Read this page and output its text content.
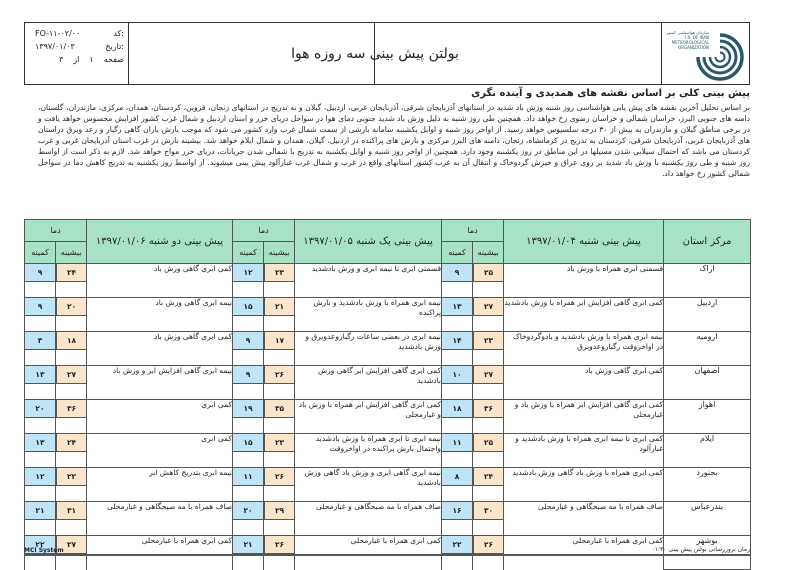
FO-۱۱-۰۲/۰۰	کد:
۱۳۹۷/۰۱/۰۳	تاریخ:
۳ از ۱ صفحه	بولتن پیش بینی سه روزه هوا
سازمان هواشناسی کشور
I.R. OF IRAN METEOROLOGICAL ORGANIZATION
پیش بینی کلی بر اساس نقشه های همدیدی و آینده نگری
بر اساس تحلیل آخرین نقشه های پیش یابی هواشناسی روز شنبه وزش باد شدید در استانهای آذربایجان شرقی، آذربایجان غربی، اردبیل، گیلان و به تدریج در استانهای زنجان، قزوین، کردستان، همدان، مرکزی، مازندران، گلستان، دامنه های جنوبی البرز، خراسان شمالی و خراسان رضوی رخ خواهد داد. همچنین طی روز شنبه به دلیل وزش باد شدید جنوبی دمای هوا در سواحل دریای خزر و استان اردبیل و شمال غرب کشور افزایش محسوس خواهد یافت و در برخی مناطق گیلان و مازندران به بیش از ۳۰ درجه سلسیوس خواهد رسید. از اواخر روز شنبه و اوایل یکشنبه سامانه بارشی از سمت شمال غرب وارد کشور می شود که موجب بارش باران گاهی رگبار و رعد وبرق دراستان های آذربایجان غربی، آذربایجان شرقی، کردستان به تدریج در کرمانشاه، زنجان، دامنه های البرز مرکزی و بارش های پراکنده در اردبیل، گیلان، همدان و شمال ایلام خواهد شد. بیشینه بارش در غرب استان آذربایجان غربی و غرب کردستان می باشد که احتمال سیلابی شدن مسیلها در این مناطق در روز یکشنبه وجود دارد. همچنین از اواخر روز شنبه و اوایل یکشنبه به تدریج با شمالی شدن جریانات، دریای خزر مواج خواهد شد. لازم به ذکر است از اواسط روز شنبه و طی روز یکشنبه با وزش باد شدید بر روی عراق و خیزش گردوخاک و انتقال آن به غرب کشور استانهای واقع در غرب و شمال غرب غبارآلود پیش بینی میشوند. از اواسط روز یکشنبه به تدریج کاهش دما در سواحل شمالی کشور رخ خواهد داد.
مرکز استان	پیش بینی شنبه ۱۳۹۷/۰۱/۰۴	دما		پیش بینی یک شنبه ۱۳۹۷/۰۱/۰۵	دما		پیش بینی دو شنبه ۱۳۹۷/۰۱/۰۶	دما	
		بیشینه	کمینه		بیشینه	کمینه		بیشینه	کمینه
اراک	قسمتی ابری همراه با وزش باد	۲۵	۹	قسمتی ابری تا نیمه ابری و وزش بادشدید	۲۳	۱۲	کمی ابری گاهی وزش باد	۲۴	۹

اردبیل	کمی ابری گاهی افزایش ابر همراه با وزش بادشدید	۲۷	۱۳	نیمه ابری همراه با وزش بادشدید و بارش پراکنده	۲۱	۱۵	نیمه ابری گاهی وزش باد	۲۰	۹

ارومیه	نیمه ابری همراه با وزش بادشدید و بادوگردوخاک در اواخروقت رگباروعدوبرق	۲۳	۱۴	نیمه ابری در بعضی ساعات رگباروعدوبرق و وزش بادشدید	۱۷	۹	کمی ابری گاهی وزش باد	۱۸	۳

اصفهان	کمی ابری گاهی وزش باد	۲۷	۱۰	کمی ابری گاهی افزایش ابر گاهی وزش بادشدید	۲۶	۹	نیمه ابری گاهی افزایش ابر و وزش باد	۲۷	۱۳

اهواز	کمی ابری گاهی افزایش ابر همراه با وزش باد و غبارمحلی	۳۶	۱۸	کمی ابری گاهی افزایش ابر همراه با وزش باد و غبارمحلی	۳۵	۱۹	کمی ابری	۳۶	۲۰

ایلام	کمی ابری تا نیمه ابری همراه با وزش بادشدید و غبارآلود	۲۵	۱۱	نیمه ابری تا ابری همراه با وزش بادشدید واحتمال بارش پراکنده در اواخروقت	۲۳	۱۵	کمی ابری	۲۴	۱۳

بجنورد	کمی ابری همراه با وزش باد گاهی وزش بادشدید	۲۴	۸	نیمه ابری گاهی ابری و وزش باد گاهی وزش بادشدید	۲۶	۱۱	نیمه ابری بتدریج کاهش ابر	۲۲	۱۲

بندرعباس	صاف همراه با مه صبحگاهی و غبارمحلی	۳۰	۱۶	صاف همراه با مه صبحگاهی و غبارمحلی	۲۹	۲۰	صاف همراه با مه صبحگاهی و غبارمحلی	۳۱	۲۱

بوشهر	کمی ابری همراه با غبارمحلی	۲۶	۲۲	کمی ابری همراه با غبارمحلی	۲۶	۲۱	کمی ابری همراه با غبارمحلی	۲۷	۲۲
MCI System	زمان بروزرسانی بولتن پیش بینی ۰۱:۳۰
